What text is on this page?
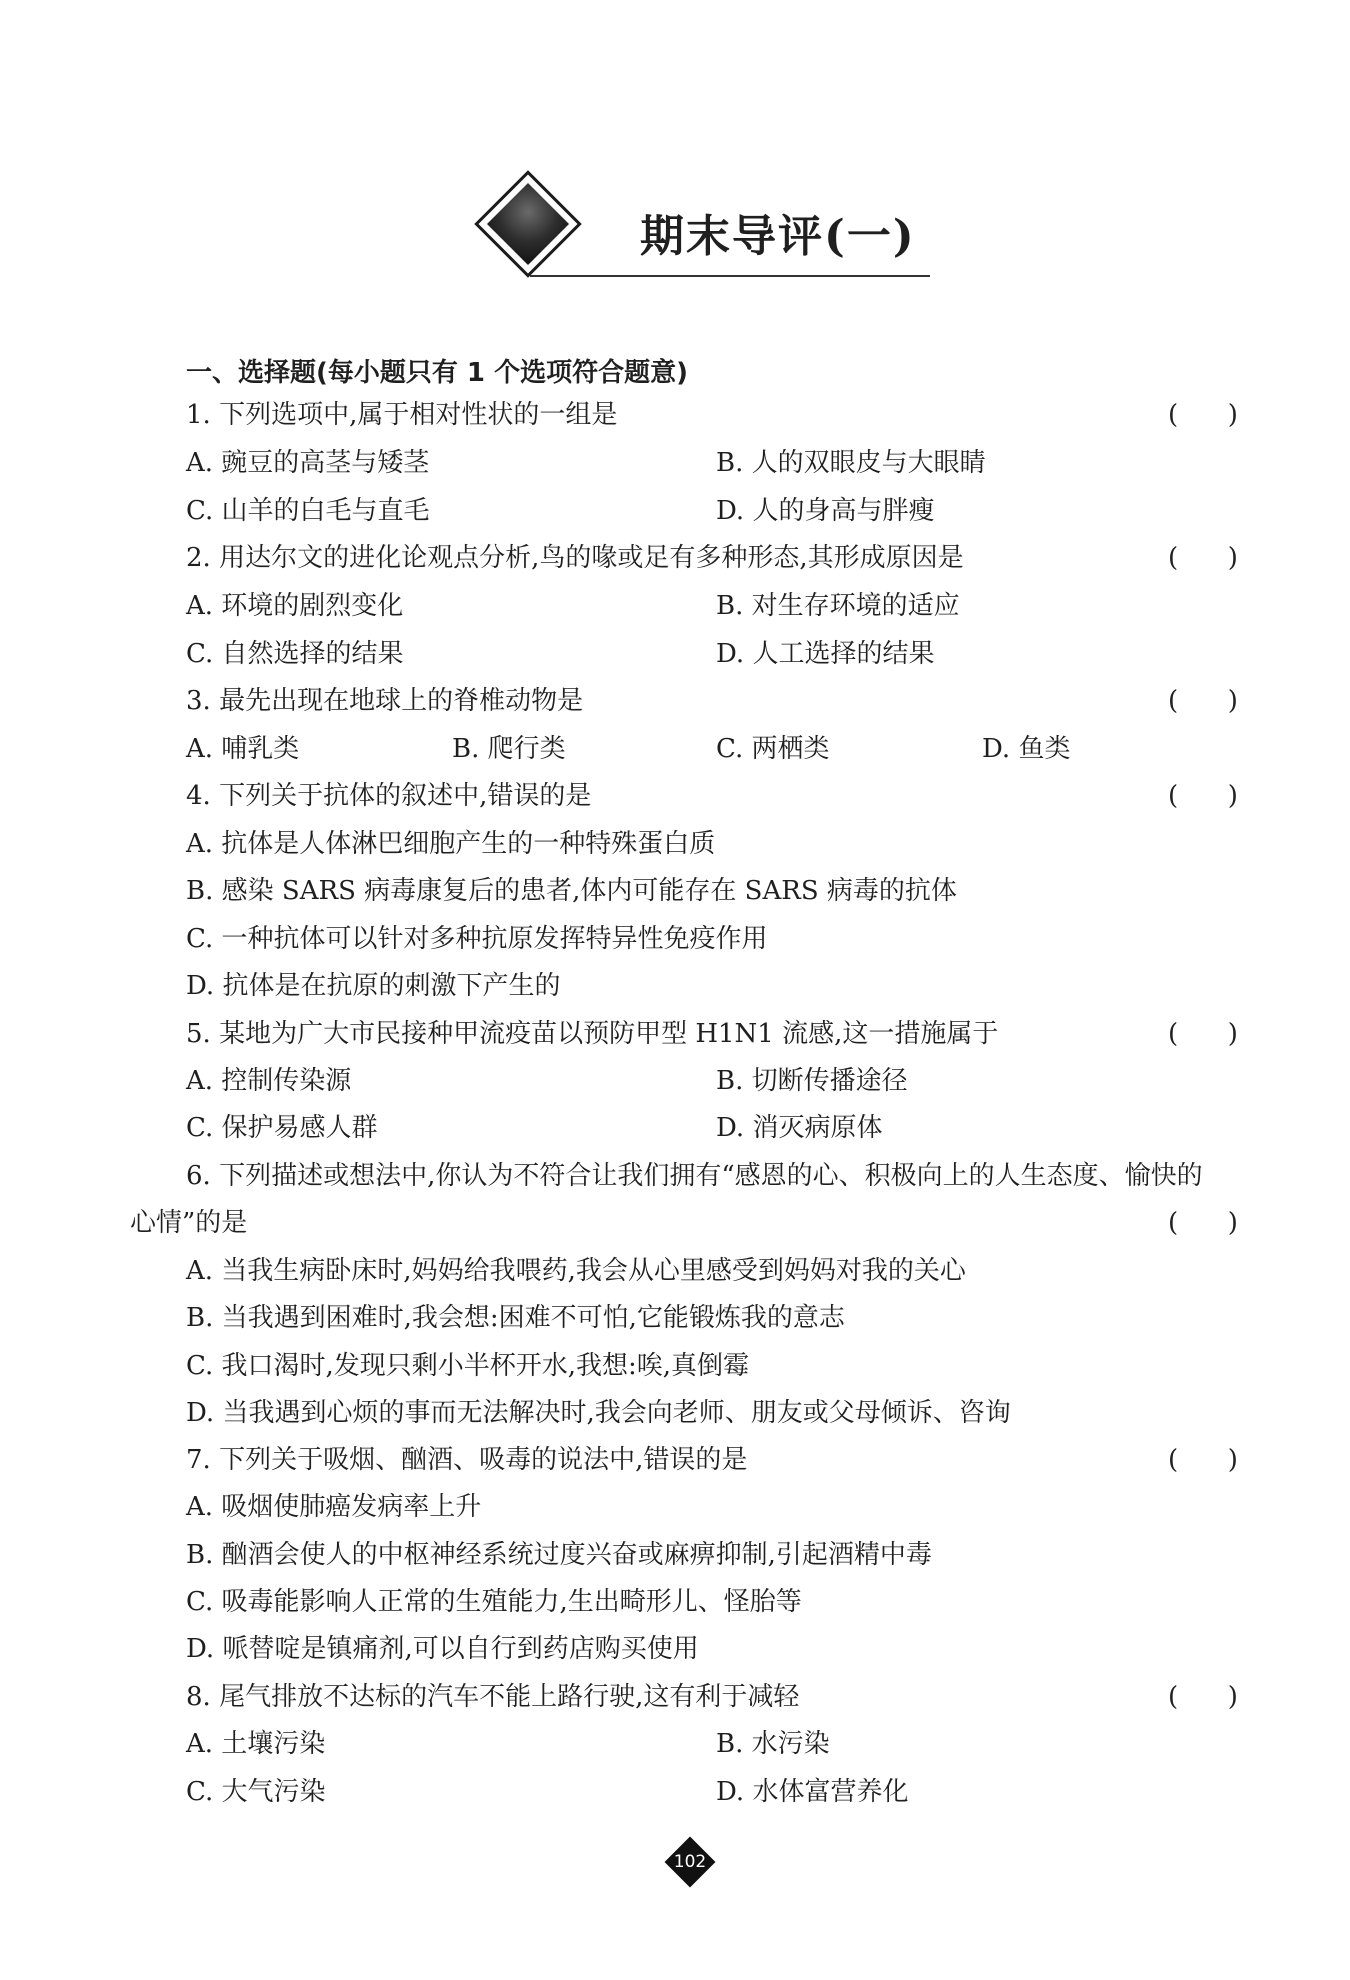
期末导评(一)
一、选择题(每小题只有 1 个选项符合题意)
1. 下列选项中,属于相对性状的一组是	(      )
A. 豌豆的高茎与矮茎	B. 人的双眼皮与大眼睛
C. 山羊的白毛与直毛	D. 人的身高与胖瘦
2. 用达尔文的进化论观点分析,鸟的喙或足有多种形态,其形成原因是	(      )
A. 环境的剧烈变化	B. 对生存环境的适应
C. 自然选择的结果	D. 人工选择的结果
3. 最先出现在地球上的脊椎动物是	(      )
A. 哺乳类	B. 爬行类	C. 两栖类	D. 鱼类
4. 下列关于抗体的叙述中,错误的是	(      )
A. 抗体是人体淋巴细胞产生的一种特殊蛋白质
B. 感染 SARS 病毒康复后的患者,体内可能存在 SARS 病毒的抗体
C. 一种抗体可以针对多种抗原发挥特异性免疫作用
D. 抗体是在抗原的刺激下产生的
5. 某地为广大市民接种甲流疫苗以预防甲型 H1N1 流感,这一措施属于	(      )
A. 控制传染源	B. 切断传播途径
C. 保护易感人群	D. 消灭病原体
6. 下列描述或想法中,你认为不符合让我们拥有“感恩的心、积极向上的人生态度、愉快的
心情”的是	(      )
A. 当我生病卧床时,妈妈给我喂药,我会从心里感受到妈妈对我的关心
B. 当我遇到困难时,我会想:困难不可怕,它能锻炼我的意志
C. 我口渴时,发现只剩小半杯开水,我想:唉,真倒霉
D. 当我遇到心烦的事而无法解决时,我会向老师、朋友或父母倾诉、咨询
7. 下列关于吸烟、酗酒、吸毒的说法中,错误的是	(      )
A. 吸烟使肺癌发病率上升
B. 酗酒会使人的中枢神经系统过度兴奋或麻痹抑制,引起酒精中毒
C. 吸毒能影响人正常的生殖能力,生出畸形儿、怪胎等
D. 哌替啶是镇痛剂,可以自行到药店购买使用
8. 尾气排放不达标的汽车不能上路行驶,这有利于减轻	(      )
A. 土壤污染	B. 水污染
C. 大气污染	D. 水体富营养化
102
